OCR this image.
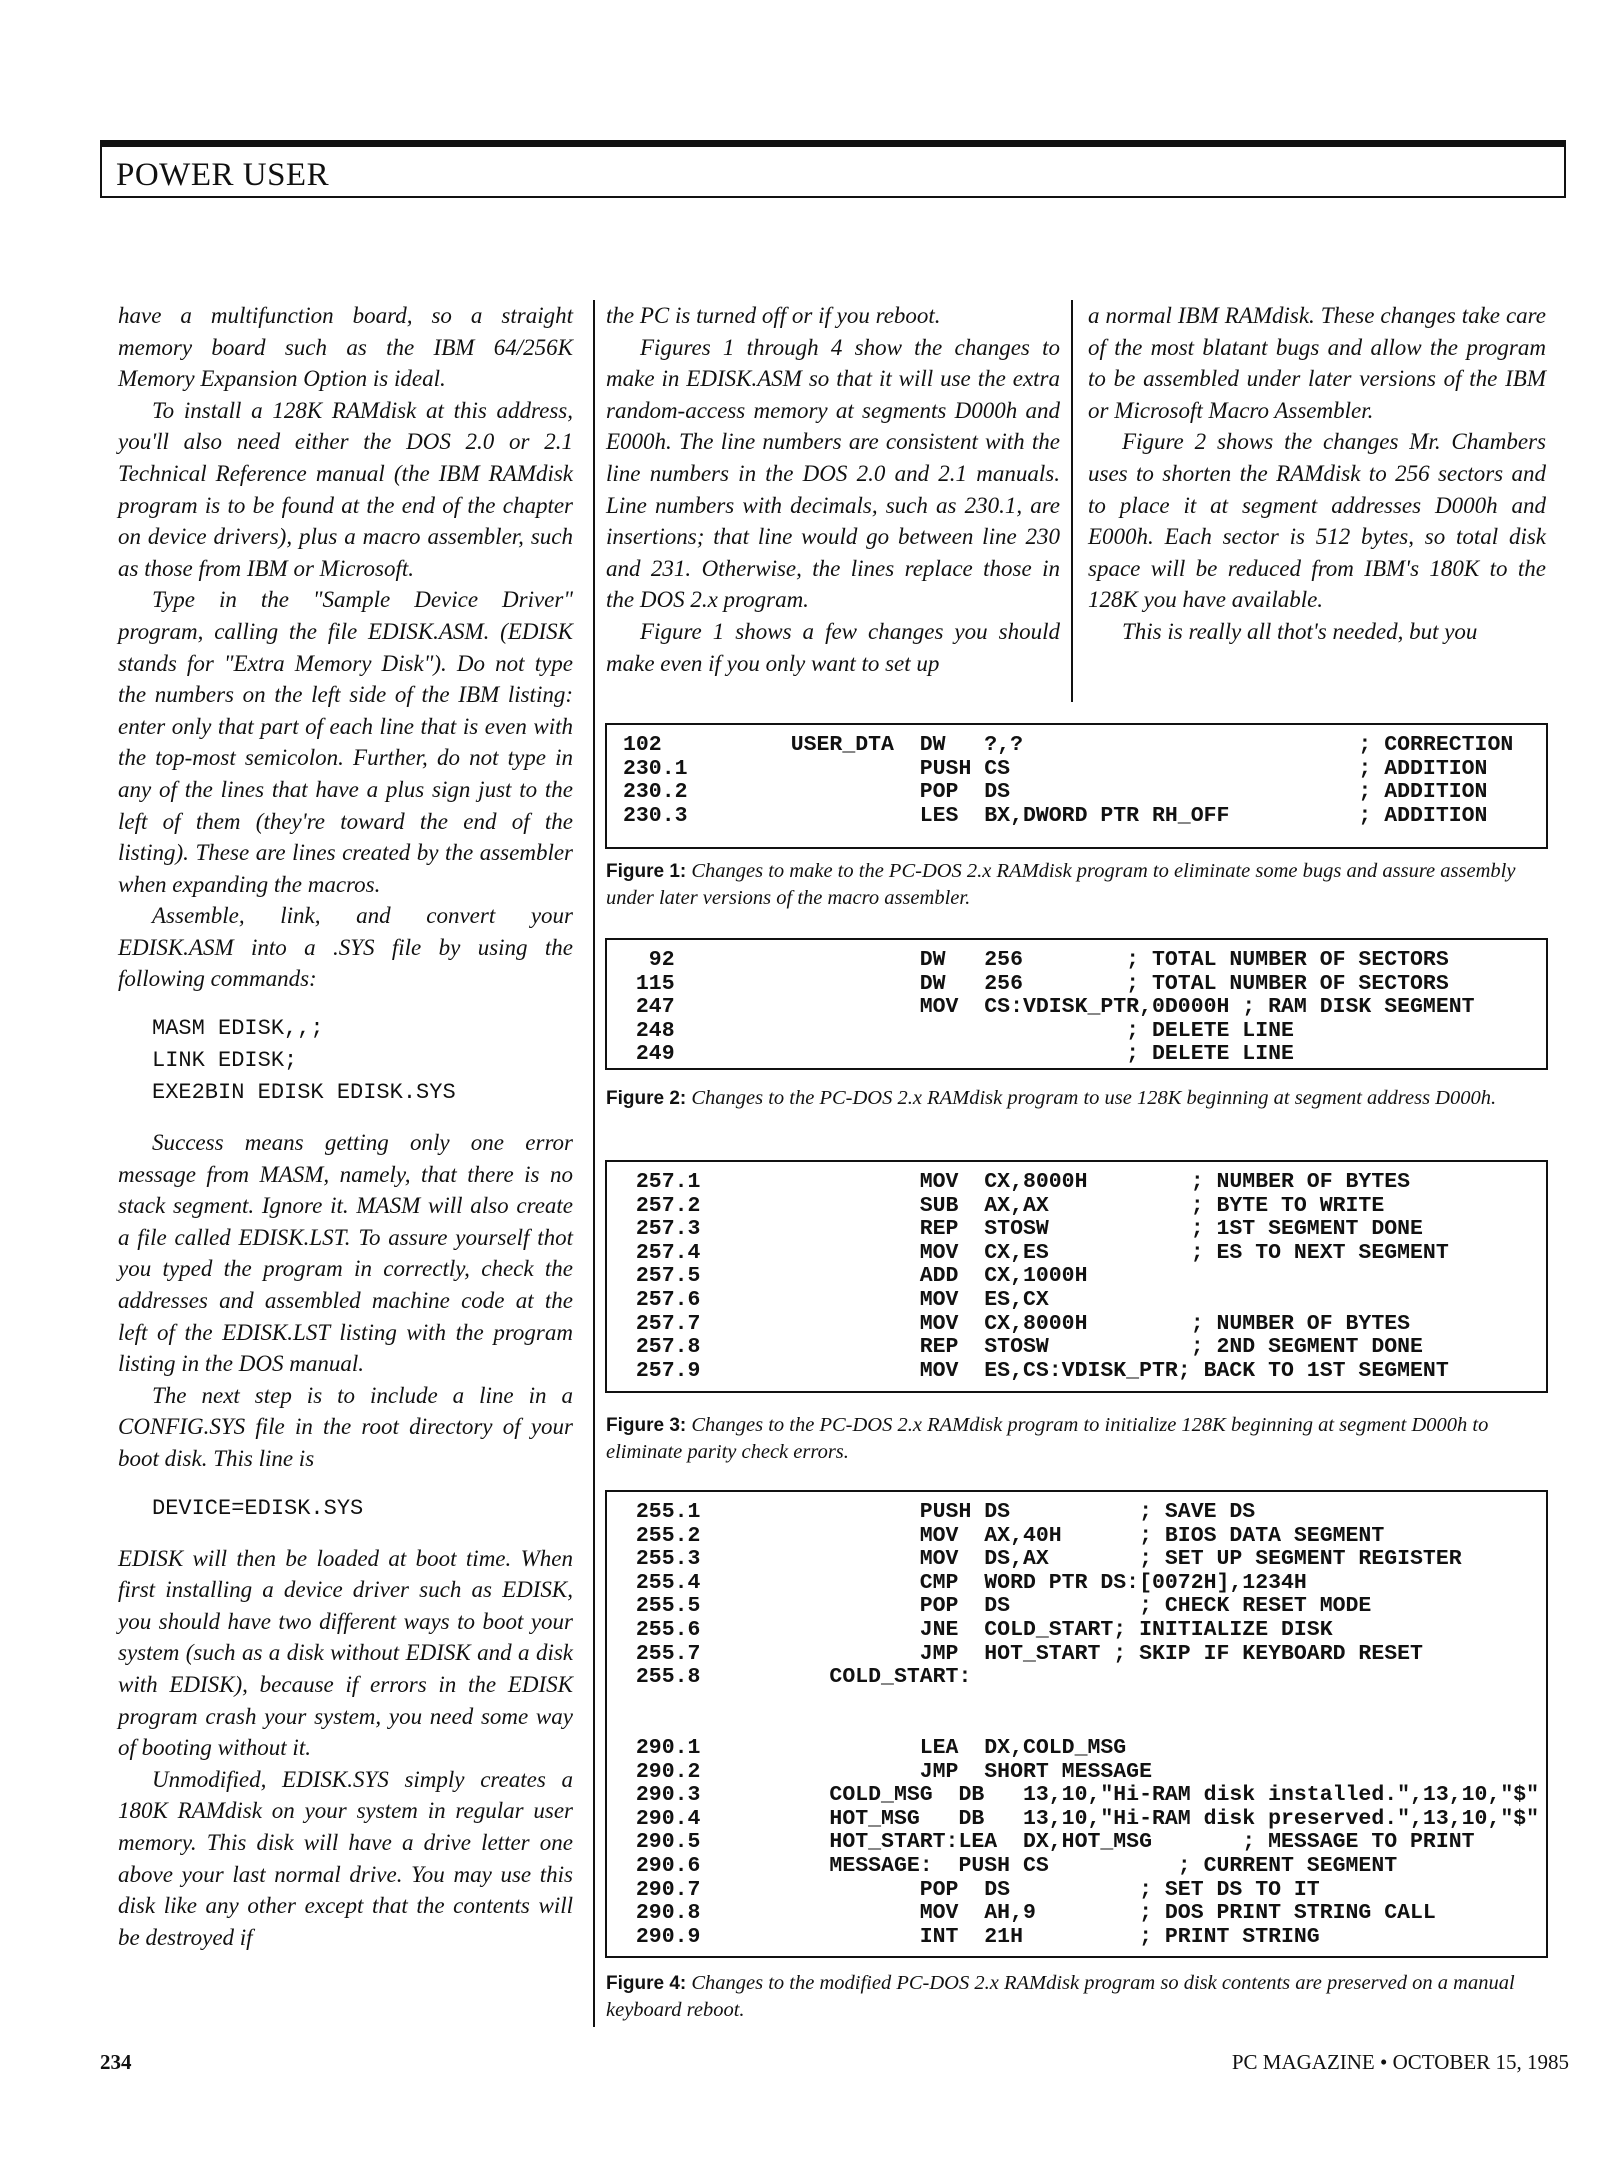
POWER USER

have a multifunction board, so a straight memory board such as the IBM 64/256K Memory Expansion Option is ideal.

To install a 128K RAMdisk at this address, you'll also need either the DOS 2.0 or 2.1 Technical Reference manual (the IBM RAMdisk program is to be found at the end of the chapter on device drivers), plus a macro assembler, such as those from IBM or Microsoft.

Type in the "Sample Device Driver" program, calling the file EDISK.ASM. (EDISK stands for "Extra Memory Disk"). Do not type the numbers on the left side of the IBM listing: enter only that part of each line that is even with the top-most semicolon. Further, do not type in any of the lines that have a plus sign just to the left of them (they're toward the end of the listing). These are lines created by the assembler when expanding the macros.

Assemble, link, and convert your EDISK.ASM into a .SYS file by using the following commands:

MASM EDISK,,;
LINK EDISK;
EXE2BIN EDISK EDISK.SYS

Success means getting only one error message from MASM, namely, that there is no stack segment. Ignore it. MASM will also create a file called EDISK.LST. To assure yourself thot you typed the program in correctly, check the addresses and assembled machine code at the left of the EDISK.LST listing with the program listing in the DOS manual.

The next step is to include a line in a CONFIG.SYS file in the root directory of your boot disk. This line is

DEVICE=EDISK.SYS

EDISK will then be loaded at boot time. When first installing a device driver such as EDISK, you should have two different ways to boot your system (such as a disk without EDISK and a disk with EDISK), because if errors in the EDISK program crash your system, you need some way of booting without it.

Unmodified, EDISK.SYS simply creates a 180K RAMdisk on your system in regular user memory. This disk will have a drive letter one above your last normal drive. You may use this disk like any other except that the contents will be destroyed if

the PC is turned off or if you reboot.

Figures 1 through 4 show the changes to make in EDISK.ASM so that it will use the extra random-access memory at segments D000h and E000h. The line numbers are consistent with the line numbers in the DOS 2.0 and 2.1 manuals. Line numbers with decimals, such as 230.1, are insertions; that line would go between line 230 and 231. Otherwise, the lines replace those in the DOS 2.x program.

Figure 1 shows a few changes you should make even if you only want to set up

a normal IBM RAMdisk. These changes take care of the most blatant bugs and allow the program to be assembled under later versions of the IBM or Microsoft Macro Assembler.

Figure 2 shows the changes Mr. Chambers uses to shorten the RAMdisk to 256 sectors and to place it at segment addresses D000h and E000h. Each sector is 512 bytes, so total disk space will be reduced from IBM's 180K to the 128K you have available.

This is really all thot's needed, but you

102          USER_DTA  DW   ?,?                          ; CORRECTION
230.1                  PUSH CS                           ; ADDITION
230.2                  POP  DS                           ; ADDITION
230.3                  LES  BX,DWORD PTR RH_OFF          ; ADDITION
Figure 1: Changes to make to the PC-DOS 2.x RAMdisk program to eliminate some bugs and assure assembly under later versions of the macro assembler.
92                   DW   256        ; TOTAL NUMBER OF SECTORS
115                   DW   256        ; TOTAL NUMBER OF SECTORS
247                   MOV  CS:VDISK_PTR,0D000H ; RAM DISK SEGMENT
248                                   ; DELETE LINE
249                                   ; DELETE LINE
Figure 2: Changes to the PC-DOS 2.x RAMdisk program to use 128K beginning at segment address D000h.
257.1                 MOV  CX,8000H        ; NUMBER OF BYTES
257.2                 SUB  AX,AX           ; BYTE TO WRITE
257.3                 REP  STOSW           ; 1ST SEGMENT DONE
257.4                 MOV  CX,ES           ; ES TO NEXT SEGMENT
257.5                 ADD  CX,1000H
257.6                 MOV  ES,CX
257.7                 MOV  CX,8000H        ; NUMBER OF BYTES
257.8                 REP  STOSW           ; 2ND SEGMENT DONE
257.9                 MOV  ES,CS:VDISK_PTR; BACK TO 1ST SEGMENT
Figure 3: Changes to the PC-DOS 2.x RAMdisk program to initialize 128K beginning at segment D000h to eliminate parity check errors.
255.1                 PUSH DS          ; SAVE DS
255.2                 MOV  AX,40H      ; BIOS DATA SEGMENT
255.3                 MOV  DS,AX       ; SET UP SEGMENT REGISTER
255.4                 CMP  WORD PTR DS:[0072H],1234H
255.5                 POP  DS          ; CHECK RESET MODE
255.6                 JNE  COLD_START; INITIALIZE DISK
255.7                 JMP  HOT_START ; SKIP IF KEYBOARD RESET
255.8          COLD_START:

290.1                 LEA  DX,COLD_MSG
290.2                 JMP  SHORT MESSAGE
290.3          COLD_MSG  DB   13,10,"Hi-RAM disk installed.",13,10,"$"
290.4          HOT_MSG   DB   13,10,"Hi-RAM disk preserved.",13,10,"$"
290.5          HOT_START:LEA  DX,HOT_MSG       ; MESSAGE TO PRINT
290.6          MESSAGE:  PUSH CS          ; CURRENT SEGMENT
290.7                 POP  DS          ; SET DS TO IT
290.8                 MOV  AH,9        ; DOS PRINT STRING CALL
290.9                 INT  21H         ; PRINT STRING
Figure 4: Changes to the modified PC-DOS 2.x RAMdisk program so disk contents are preserved on a manual keyboard reboot.
234	PC MAGAZINE • OCTOBER 15, 1985
